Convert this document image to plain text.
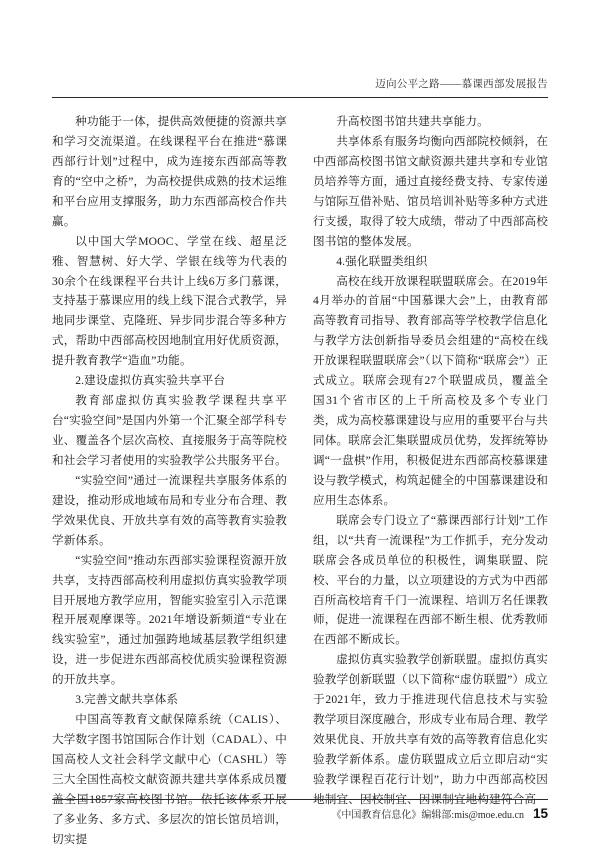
迈向公平之路——慕课西部发展报告

种功能于一体，提供高效便捷的资源共享和学习交流渠道。在线课程平台在推进“慕课西部行计划”过程中，成为连接东西部高等教育的“空中之桥”，为高校提供成熟的技术运维和平台应用支撑服务，助力东西部高校合作共赢。

以中国大学MOOC、学堂在线、超星泛雅、智慧树、好大学、学银在线等为代表的30余个在线课程平台共计上线6万多门慕课，支持基于慕课应用的线上线下混合式教学，异地同步课堂、克隆班、异步同步混合等多种方式，帮助中西部高校因地制宜用好优质资源，提升教育教学“造血”功能。

2.建设虚拟仿真实验共享平台

教育部虚拟仿真实验教学课程共享平台“实验空间”是国内外第一个汇聚全部学科专业、覆盖各个层次高校、直接服务于高等院校和社会学习者使用的实验教学公共服务平台。

“实验空间”通过一流课程共享服务体系的建设，推动形成地域布局和专业分布合理、教学效果优良、开放共享有效的高等教育实验教学新体系。

“实验空间”推动东西部实验课程资源开放共享，支持西部高校利用虚拟仿真实验教学项目开展地方教学应用，智能实验室引入示范课程开展观摩课等。2021年增设新频道“专业在线实验室”，通过加强跨地域基层教学组织建设，进一步促进东西部高校优质实验课程资源的开放共享。

3.完善文献共享体系

中国高等教育文献保障系统（CALIS）、大学数字图书馆国际合作计划（CADAL）、中国高校人文社会科学文献中心（CASHL）等三大全国性高校文献资源共建共享体系成员覆盖全国1857家高校图书馆。依托该体系开展了多业务、多方式、多层次的馆长馆员培训，切实提

升高校图书馆共建共享能力。

共享体系有服务均衡向西部院校倾斜，在中西部高校图书馆文献资源共建共享和专业馆员培养等方面，通过直接经费支持、专家传递与馆际互借补贴、馆员培训补贴等多种方式进行支援，取得了较大成绩，带动了中西部高校图书馆的整体发展。

4.强化联盟类组织

高校在线开放课程联盟联席会。在2019年4月举办的首届“中国慕课大会”上，由教育部高等教育司指导、教育部高等学校教学信息化与教学方法创新指导委员会组建的“高校在线开放课程联盟联席会”（以下简称“联席会”）正式成立。联席会现有27个联盟成员，覆盖全国31个省市区的上千所高校及多个专业门类，成为高校慕课建设与应用的重要平台与共同体。联席会汇集联盟成员优势，发挥统筹协调“一盘棋”作用，积极促进东西部高校慕课建设与教学模式，构筑起健全的中国慕课建设和应用生态体系。

联席会专门设立了“慕课西部行计划”工作组，以“共育一流课程”为工作抓手，充分发动联席会各成员单位的积极性，调集联盟、院校、平台的力量，以立项建设的方式为中西部百所高校培育千门一流课程、培训万名任课教师，促进一流课程在西部不断生根、优秀教师在西部不断成长。

虚拟仿真实验教学创新联盟。虚拟仿真实验教学创新联盟（以下简称“虚仿联盟”）成立于2021年，致力于推进现代信息技术与实验教学项目深度融合，形成专业布局合理、教学效果优良、开放共享有效的高等教育信息化实验教学新体系。虚仿联盟成立后立即启动“实验教学课程百花行计划”，助力中西部高校因地制宜、因校制宜、因课制宜地构建符合高

《中国教育信息化》编辑部:mis@moe.edu.cn 15
